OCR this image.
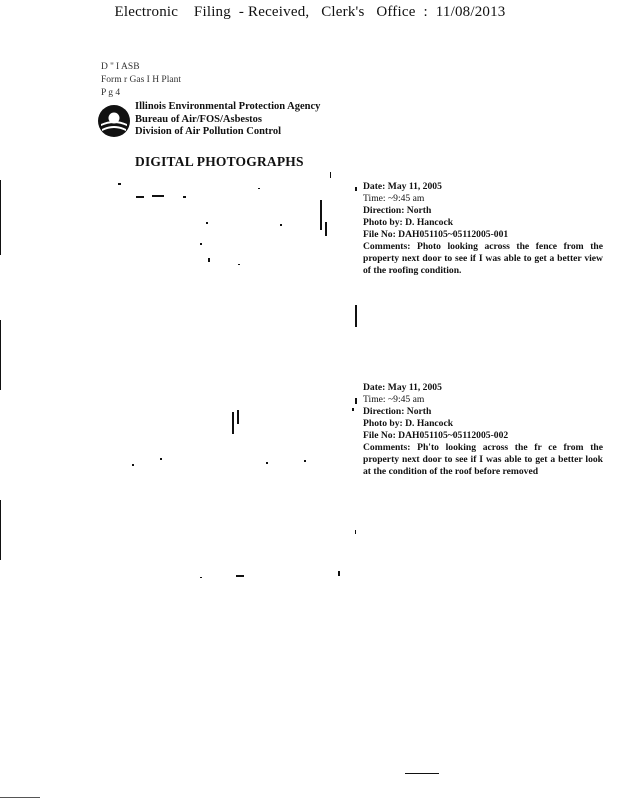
Electronic    Filing  - Received,   Clerk's   Office  :  11/08/2013
D '' I ASB
Form r Gas I H Plant
P g 4
Illinois Environmental Protection Agency
Bureau of Air/FOS/Asbestos
Division of Air Pollution Control
DIGITAL PHOTOGRAPHS
Date: May 11, 2005
Time: ~9:45 am
Direction: North
Photo by: D. Hancock
File No: DAH051105~05112005-001
Comments: Photo looking across the fence from the property next door to see if I was able to get a better view of the roofing condition.
Date: May 11, 2005
Time: ~9:45 am
Direction: North
Photo by: D. Hancock
File No: DAH051105~05112005-002
Comments: Ph'to looking across the fr ce from the property next door to see if I was able to get a better look at the condition of the roof before removed
